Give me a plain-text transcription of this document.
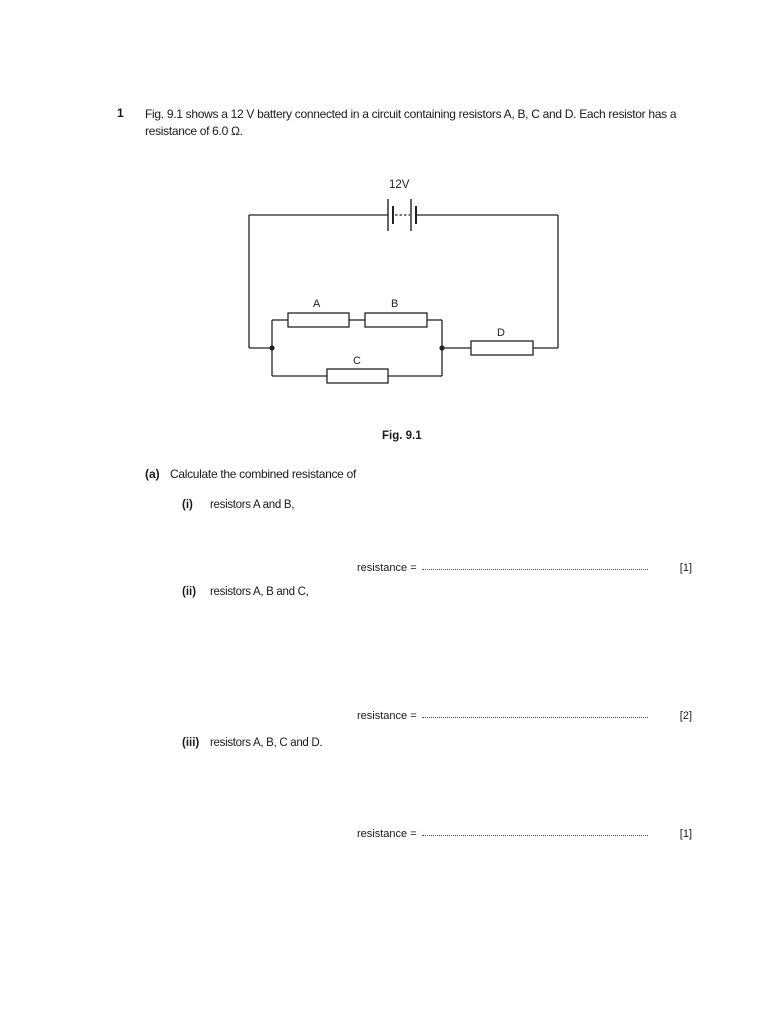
1 Fig. 9.1 shows a 12 V battery connected in a circuit containing resistors A, B, C and D. Each resistor has a resistance of 6.0 Ω.
12V
A	B
C
D
Fig. 9.1
(a) Calculate the combined resistance of
(i) resistors A and B,
resistance =	[1]
(ii) resistors A, B and C,
resistance =	[2]
(iii) resistors A, B, C and D.
resistance =	[1]
